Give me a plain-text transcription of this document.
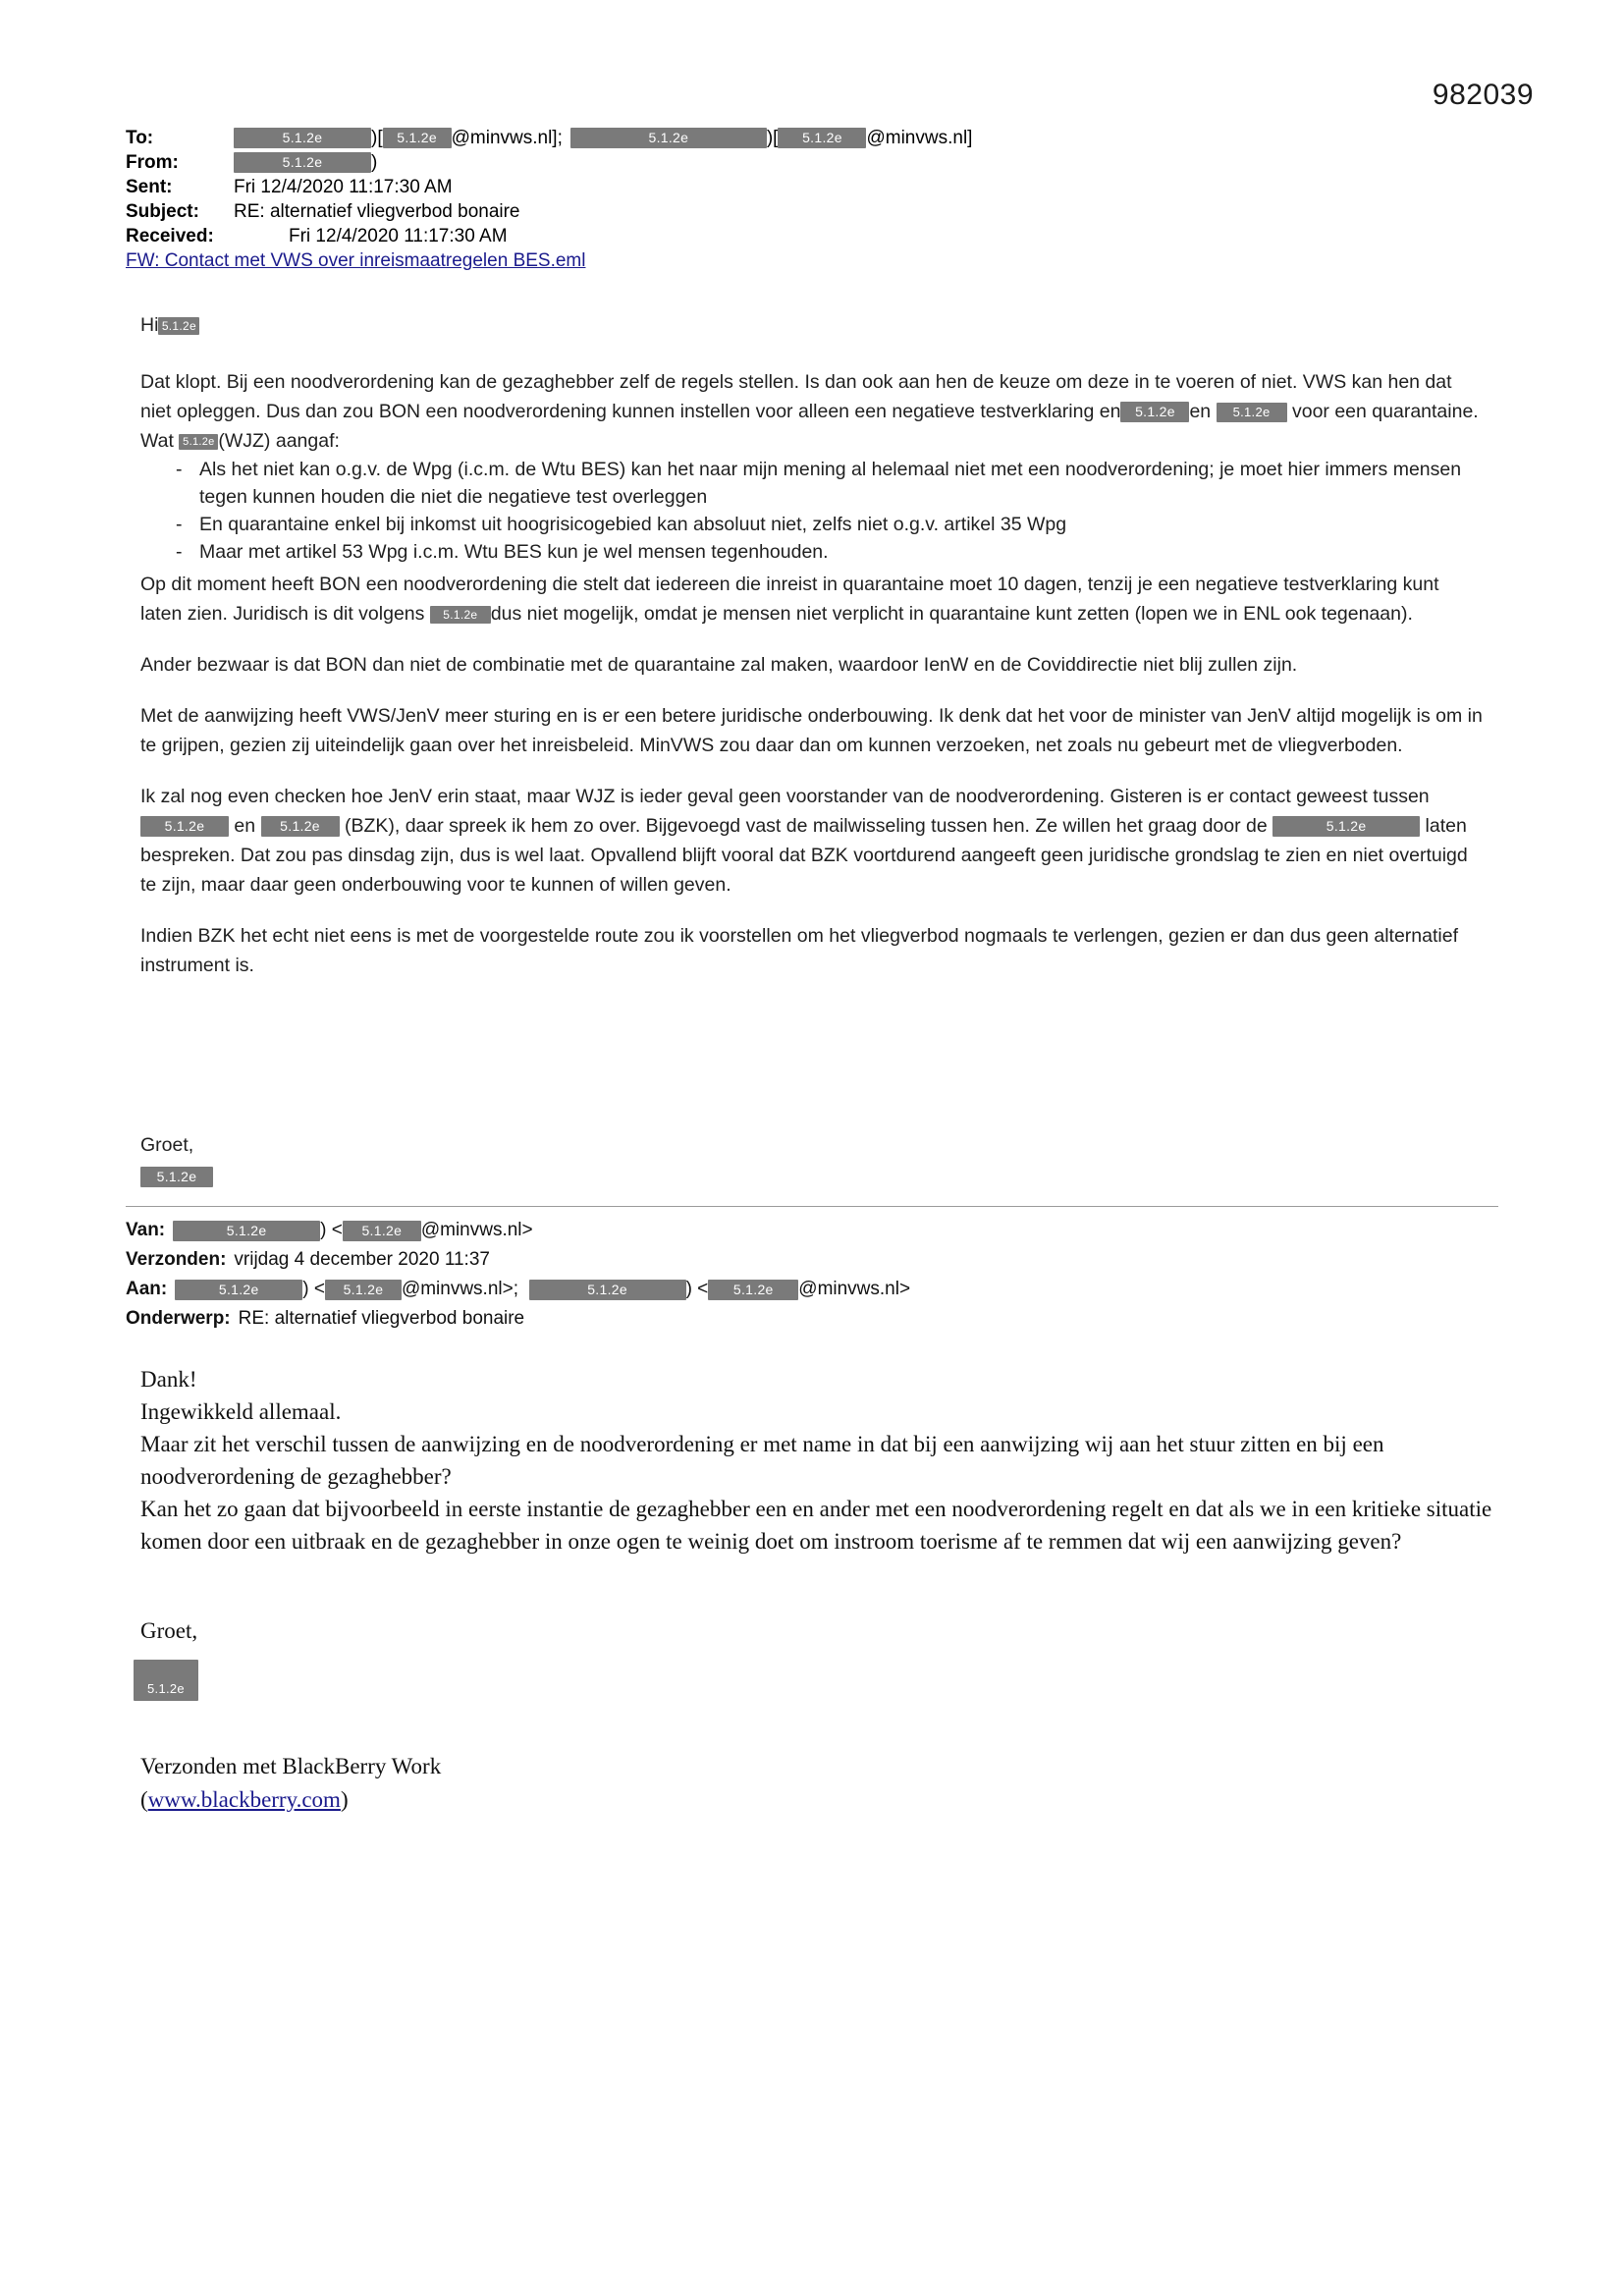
982039
To:	5.1.2e	)[ 5.1.2e @minvws.nl];	5.1.2e	)[ 5.1.2e @minvws.nl]
From:	5.1.2e	)
Sent:	Fri 12/4/2020 11:17:30 AM
Subject:	RE: alternatief vliegverbod bonaire
Received:	Fri 12/4/2020 11:17:30 AM
FW: Contact met VWS over inreismaatregelen BES.eml

Hi 5.1.2e

Dat klopt. Bij een noodverordening kan de gezaghebber zelf de regels stellen. Is dan ook aan hen de keuze om deze in te voeren of niet. VWS kan hen dat niet opleggen. Dus dan zou BON een noodverordening kunnen instellen voor alleen een negatieve testverklaring en 5.1.2e en 5.1.2e voor een quarantaine. Wat 5.1.2e (WJZ) aangaf:

- Als het niet kan o.g.v. de Wpg (i.c.m. de Wtu BES) kan het naar mijn mening al helemaal niet met een noodverordening; je moet hier immers mensen tegen kunnen houden die niet die negatieve test overleggen
- En quarantaine enkel bij inkomst uit hoogrisicogebied kan absoluut niet, zelfs niet o.g.v. artikel 35 Wpg
- Maar met artikel 53 Wpg i.c.m. Wtu BES kun je wel mensen tegenhouden.

Op dit moment heeft BON een noodverordening die stelt dat iedereen die inreist in quarantaine moet 10 dagen, tenzij je een negatieve testverklaring kunt laten zien. Juridisch is dit volgens 5.1.2e dus niet mogelijk, omdat je mensen niet verplicht in quarantaine kunt zetten (lopen we in ENL ook tegenaan).

Ander bezwaar is dat BON dan niet de combinatie met de quarantaine zal maken, waardoor IenW en de Coviddirectie niet blij zullen zijn.

Met de aanwijzing heeft VWS/JenV meer sturing en is er een betere juridische onderbouwing. Ik denk dat het voor de minister van JenV altijd mogelijk is om in te grijpen, gezien zij uiteindelijk gaan over het inreisbeleid. MinVWS zou daar dan om kunnen verzoeken, net zoals nu gebeurt met de vliegverboden.

Ik zal nog even checken hoe JenV erin staat, maar WJZ is ieder geval geen voorstander van de noodverordening. Gisteren is er contact geweest tussen 5.1.2e en 5.1.2e (BZK), daar spreek ik hem zo over. Bijgevoegd vast de mailwisseling tussen hen. Ze willen het graag door de	5.1.2e	laten bespreken. Dat zou pas dinsdag zijn, dus is wel laat. Opvallend blijft vooral dat BZK voortdurend aangeeft geen juridische grondslag te zien en niet overtuigd te zijn, maar daar geen onderbouwing voor te kunnen of willen geven.

Indien BZK het echt niet eens is met de voorgestelde route zou ik voorstellen om het vliegverbod nogmaals te verlengen, gezien er dan dus geen alternatief instrument is.

Groet,
5.1.2e
Van:	5.1.2e	) <	5.1.2e	@minvws.nl>
Verzonden: vrijdag 4 december 2020 11:37
Aan:	5.1.2e	) <	5.1.2e @minvws.nl>;
	5.1.2e	) <	5.1.2e	@minvws.nl>
Onderwerp: RE: alternatief vliegverbod bonaire

Dank!

Ingewikkeld allemaal.

Maar zit het verschil tussen de aanwijzing en de noodverordening er met name in dat bij een aanwijzing wij aan het stuur zitten en bij een noodverordening de gezaghebber?

Kan het zo gaan dat bijvoorbeeld in eerste instantie de gezaghebber een en ander met een noodverordening regelt en dat als we in een kritieke situatie komen door een uitbraak en de gezaghebber in onze ogen te weinig doet om instroom toerisme af te remmen dat wij een aanwijzing geven?

Groet,
5.1.2e
Verzonden met BlackBerry Work
(www.blackberry.com)
